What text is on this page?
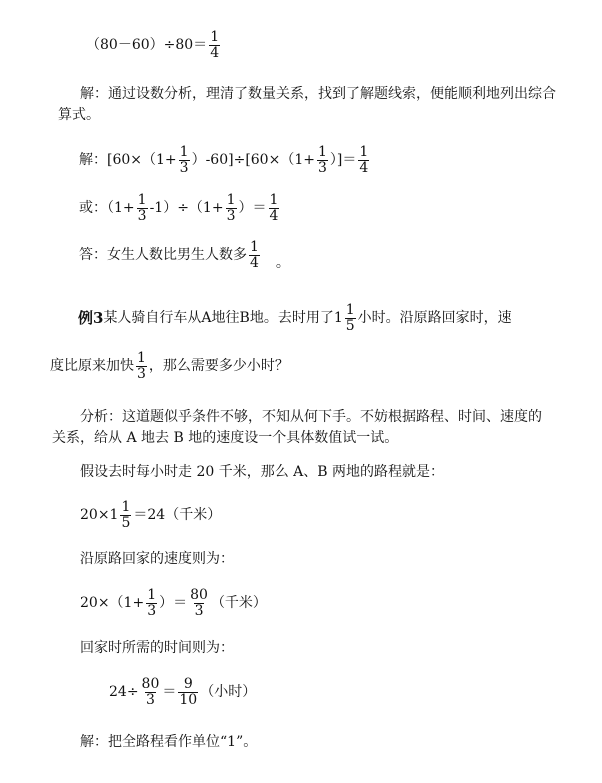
$(80-60)\div 80= \frac{1}{4}$
解：通过设数分析，理清了数量关系，找到了解题线索，便能顺利地列出综合算式。
解：$[60\times(1+ \frac{1}{3} )-60]\div[60\times(1+ \frac{1}{3}$ ）]＝ $\frac{1}{4}$
或：$(1+ \frac{1}{3} -1)\div(1+ \frac{1}{3}$ ）＝ $\frac{1}{4}$
答：女生人数比男生人数多 $\frac{1}{4}$ 。
例3 某人骑自行车从A地往B地。去时用了$1 \frac{1}{5}$ 小时。沿原路回家时，速
度比原来加快 $\frac{1}{3}$ ，那么需要多少小时？
分析：这道题似乎条件不够，不知从何下手。不妨根据路程、时间、速度的关系，给从 A 地去 B 地的速度设一个具体数值试一试。
假设去时每小时走 20 千米，那么 A、B 两地的路程就是：
$20\times 1 \frac{1}{5} =24$（千米）
沿原路回家的速度则为：
$20\times(1+ \frac{1}{3}$ ）＝ $\frac{80}{3}$ （千米）
回家时所需的时间则为：
$24\div \frac{80}{3} = \frac{9}{10}$ （小时）
解：把全路程看作单位“1”。
